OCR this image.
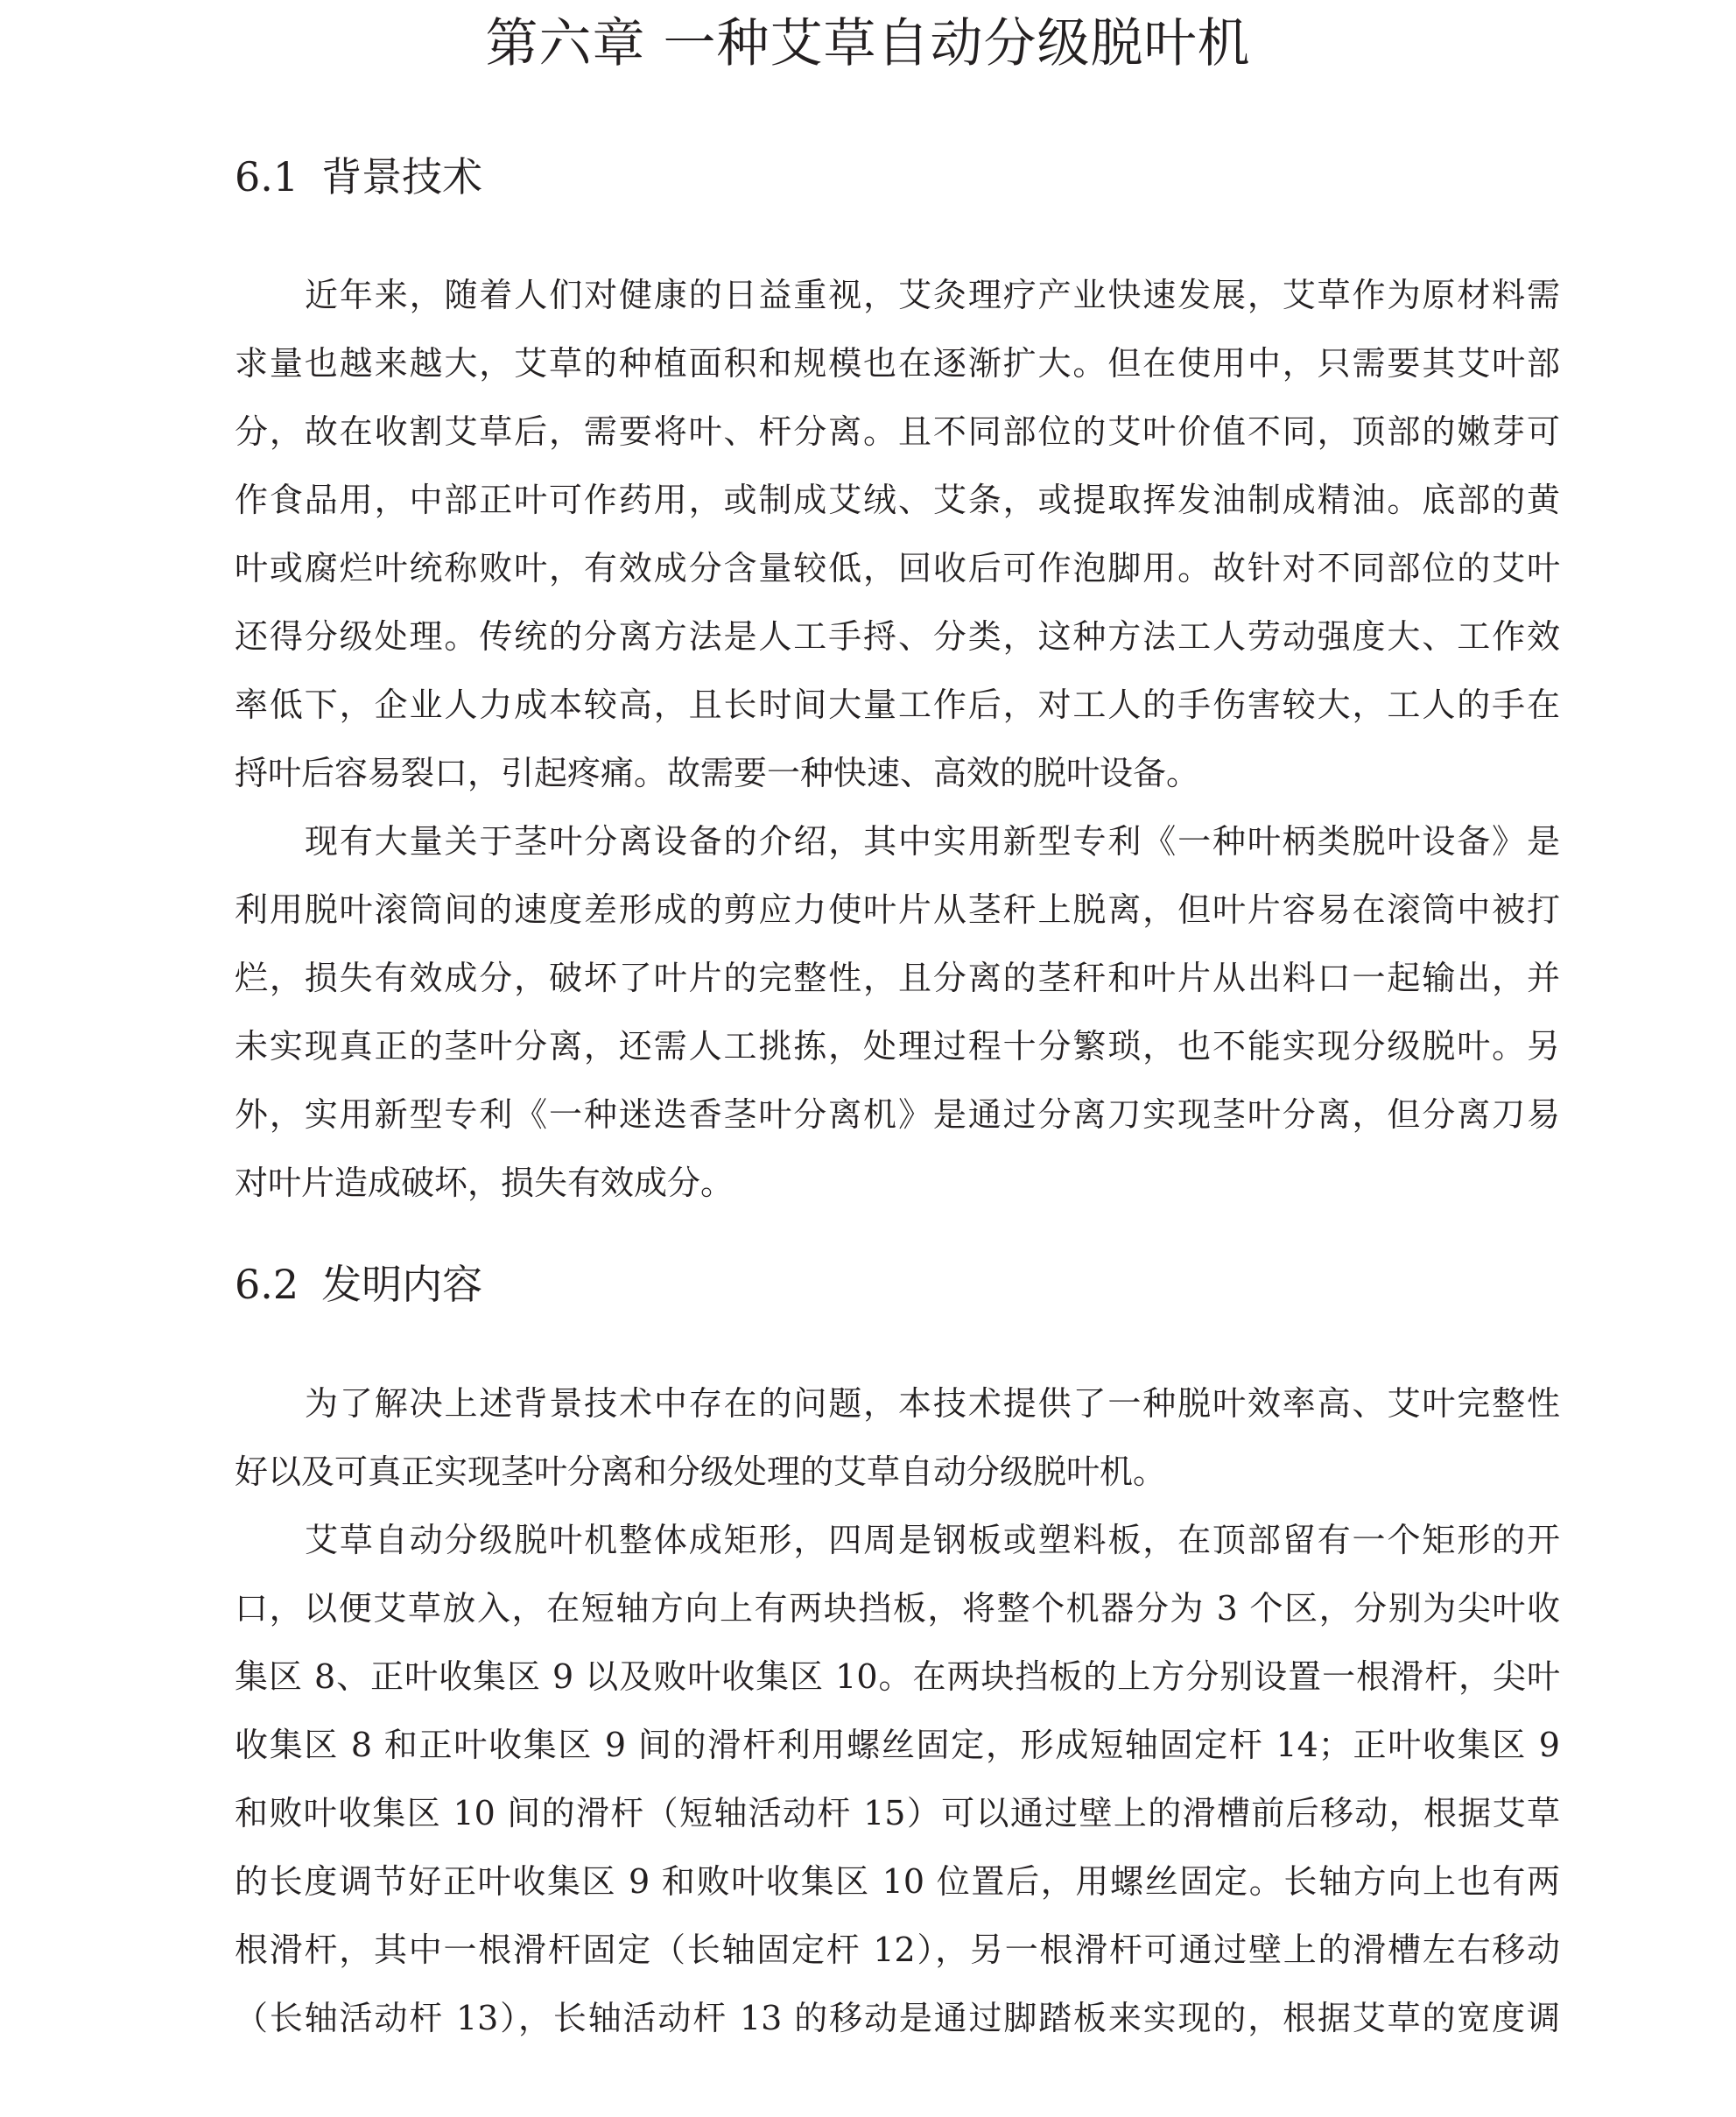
第六章 一种艾草自动分级脱叶机
6.1 背景技术
近年来，随着人们对健康的日益重视，艾灸理疗产业快速发展，艾草作为原材料需
求量也越来越大，艾草的种植面积和规模也在逐渐扩大。但在使用中，只需要其艾叶部
分，故在收割艾草后，需要将叶、杆分离。且不同部位的艾叶价值不同，顶部的嫩芽可
作食品用，中部正叶可作药用，或制成艾绒、艾条，或提取挥发油制成精油。底部的黄
叶或腐烂叶统称败叶，有效成分含量较低，回收后可作泡脚用。故针对不同部位的艾叶
还得分级处理。传统的分离方法是人工手捋、分类，这种方法工人劳动强度大、工作效
率低下，企业人力成本较高，且长时间大量工作后，对工人的手伤害较大，工人的手在
捋叶后容易裂口，引起疼痛。故需要一种快速、高效的脱叶设备。
现有大量关于茎叶分离设备的介绍，其中实用新型专利《一种叶柄类脱叶设备》是
利用脱叶滚筒间的速度差形成的剪应力使叶片从茎秆上脱离，但叶片容易在滚筒中被打
烂，损失有效成分，破坏了叶片的完整性，且分离的茎秆和叶片从出料口一起输出，并
未实现真正的茎叶分离，还需人工挑拣，处理过程十分繁琐，也不能实现分级脱叶。另
外，实用新型专利《一种迷迭香茎叶分离机》是通过分离刀实现茎叶分离，但分离刀易
对叶片造成破坏，损失有效成分。
6.2 发明内容
为了解决上述背景技术中存在的问题，本技术提供了一种脱叶效率高、艾叶完整性
好以及可真正实现茎叶分离和分级处理的艾草自动分级脱叶机。
艾草自动分级脱叶机整体成矩形，四周是钢板或塑料板，在顶部留有一个矩形的开
口，以便艾草放入，在短轴方向上有两块挡板，将整个机器分为 3 个区，分别为尖叶收
集区 8、正叶收集区 9 以及败叶收集区 10。在两块挡板的上方分别设置一根滑杆，尖叶
收集区 8 和正叶收集区 9 间的滑杆利用螺丝固定，形成短轴固定杆 14；正叶收集区 9
和败叶收集区 10 间的滑杆（短轴活动杆 15）可以通过壁上的滑槽前后移动，根据艾草
的长度调节好正叶收集区 9 和败叶收集区 10 位置后，用螺丝固定。长轴方向上也有两
根滑杆，其中一根滑杆固定（长轴固定杆 12），另一根滑杆可通过壁上的滑槽左右移动
（长轴活动杆 13），长轴活动杆 13 的移动是通过脚踏板来实现的，根据艾草的宽度调
